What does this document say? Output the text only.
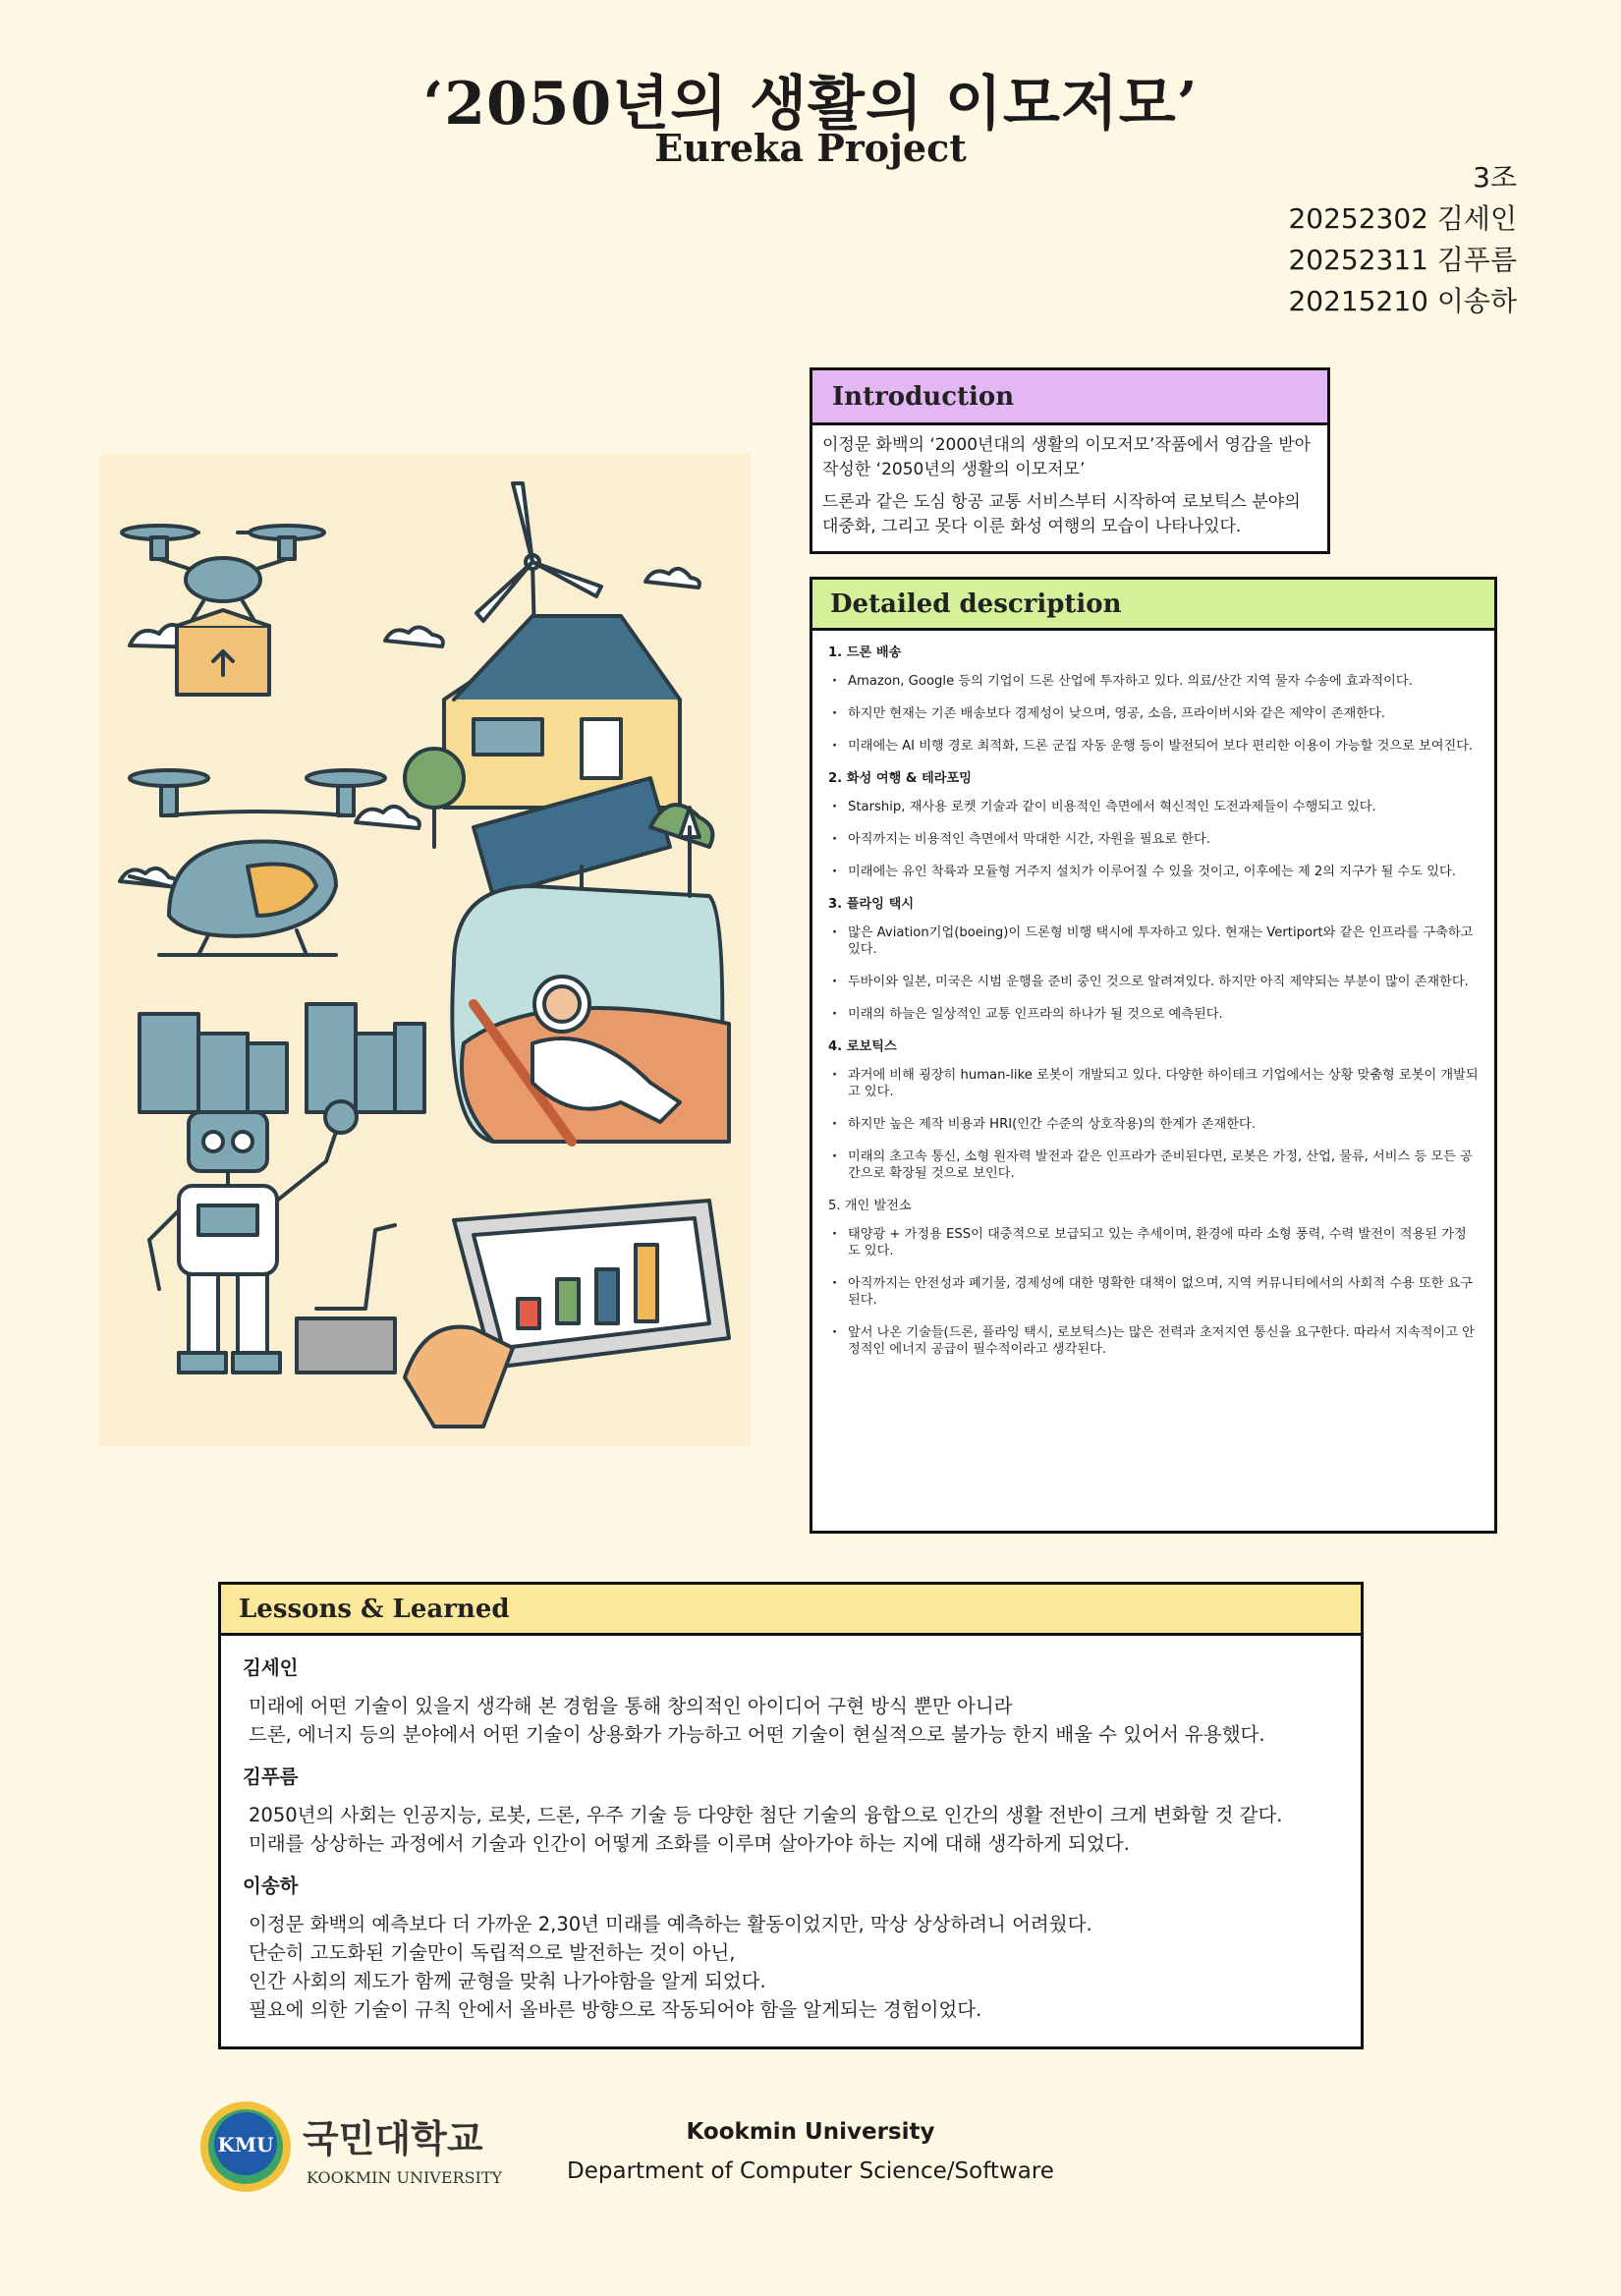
‘2050년의 생활의 이모저모’
Eureka Project
3조
20252302 김세인
20252311 김푸름
20215210 이송하
Introduction

이정문 화백의 ‘2000년대의 생활의 이모저모’작품에서 영감을 받아 작성한 ‘2050년의 생활의 이모저모’

드론과 같은 도심 항공 교통 서비스부터 시작하여 로보틱스 분야의 대중화, 그리고 못다 이룬 화성 여행의 모습이 나타나있다.

Detailed description
1. 드론 배송
· Amazon, Google 등의 기업이 드론 산업에 투자하고 있다. 의료/산간 지역 물자 수송에 효과적이다.
· 하지만 현재는 기존 배송보다 경제성이 낮으며, 영공, 소음, 프라이버시와 같은 제약이 존재한다.
· 미래에는 AI 비행 경로 최적화, 드론 군집 자동 운행 등이 발전되어 보다 편리한 이용이 가능할 것으로 보여진다.
2. 화성 여행 & 테라포밍
· Starship, 재사용 로켓 기술과 같이 비용적인 측면에서 혁신적인 도전과제들이 수행되고 있다.
· 아직까지는 비용적인 측면에서 막대한 시간, 자원을 필요로 한다.
· 미래에는 유인 착륙과 모듈형 거주지 설치가 이루어질 수 있을 것이고, 이후에는 제 2의 지구가 될 수도 있다.
3. 플라잉 택시
· 많은 Aviation기업(boeing)이 드론형 비행 택시에 투자하고 있다. 현재는 Vertiport와 같은 인프라를 구축하고 있다.
· 두바이와 일본, 미국은 시범 운행을 준비 중인 것으로 알려져있다. 하지만 아직 제약되는 부분이 많이 존재한다.
· 미래의 하늘은 일상적인 교통 인프라의 하나가 될 것으로 예측된다.
4. 로보틱스
· 과거에 비해 굉장히 human-like 로봇이 개발되고 있다. 다양한 하이테크 기업에서는 상황 맞춤형 로봇이 개발되고 있다.
· 하지만 높은 제작 비용과 HRI(인간 수준의 상호작용)의 한계가 존재한다.
· 미래의 초고속 통신, 소형 원자력 발전과 같은 인프라가 준비된다면, 로봇은 가정, 산업, 물류, 서비스 등 모든 공간으로 확장될 것으로 보인다.
5. 개인 발전소
· 태양광 + 가정용 ESS이 대중적으로 보급되고 있는 추세이며, 환경에 따라 소형 풍력, 수력 발전이 적용된 가정도 있다.
· 아직까지는 안전성과 폐기물, 경제성에 대한 명확한 대책이 없으며, 지역 커뮤니티에서의 사회적 수용 또한 요구된다.
· 앞서 나온 기술들(드론, 플라잉 택시, 로보틱스)는 많은 전력과 초저지연 통신을 요구한다. 따라서 지속적이고 안정적인 에너지 공급이 필수적이라고 생각된다.
Lessons & Learned
김세인
미래에 어떤 기술이 있을지 생각해 본 경험을 통해 창의적인 아이디어 구현 방식 뿐만 아니라
드론, 에너지 등의 분야에서 어떤 기술이 상용화가 가능하고 어떤 기술이 현실적으로 불가능 한지 배울 수 있어서 유용했다.
김푸름
2050년의 사회는 인공지능, 로봇, 드론, 우주 기술 등 다양한 첨단 기술의 융합으로 인간의 생활 전반이 크게 변화할 것 같다.
미래를 상상하는 과정에서 기술과 인간이 어떻게 조화를 이루며 살아가야 하는 지에 대해 생각하게 되었다.
이송하
이정문 화백의 예측보다 더 가까운 2,30년 미래를 예측하는 활동이었지만, 막상 상상하려니 어려웠다.
단순히 고도화된 기술만이 독립적으로 발전하는 것이 아닌,
인간 사회의 제도가 함께 균형을 맞춰 나가야함을 알게 되었다.
필요에 의한 기술이 규칙 안에서 올바른 방향으로 작동되어야 함을 알게되는 경험이었다.
KMU 국민대학교
KOOKMIN UNIVERSITY
Kookmin University
Department of Computer Science/Software
